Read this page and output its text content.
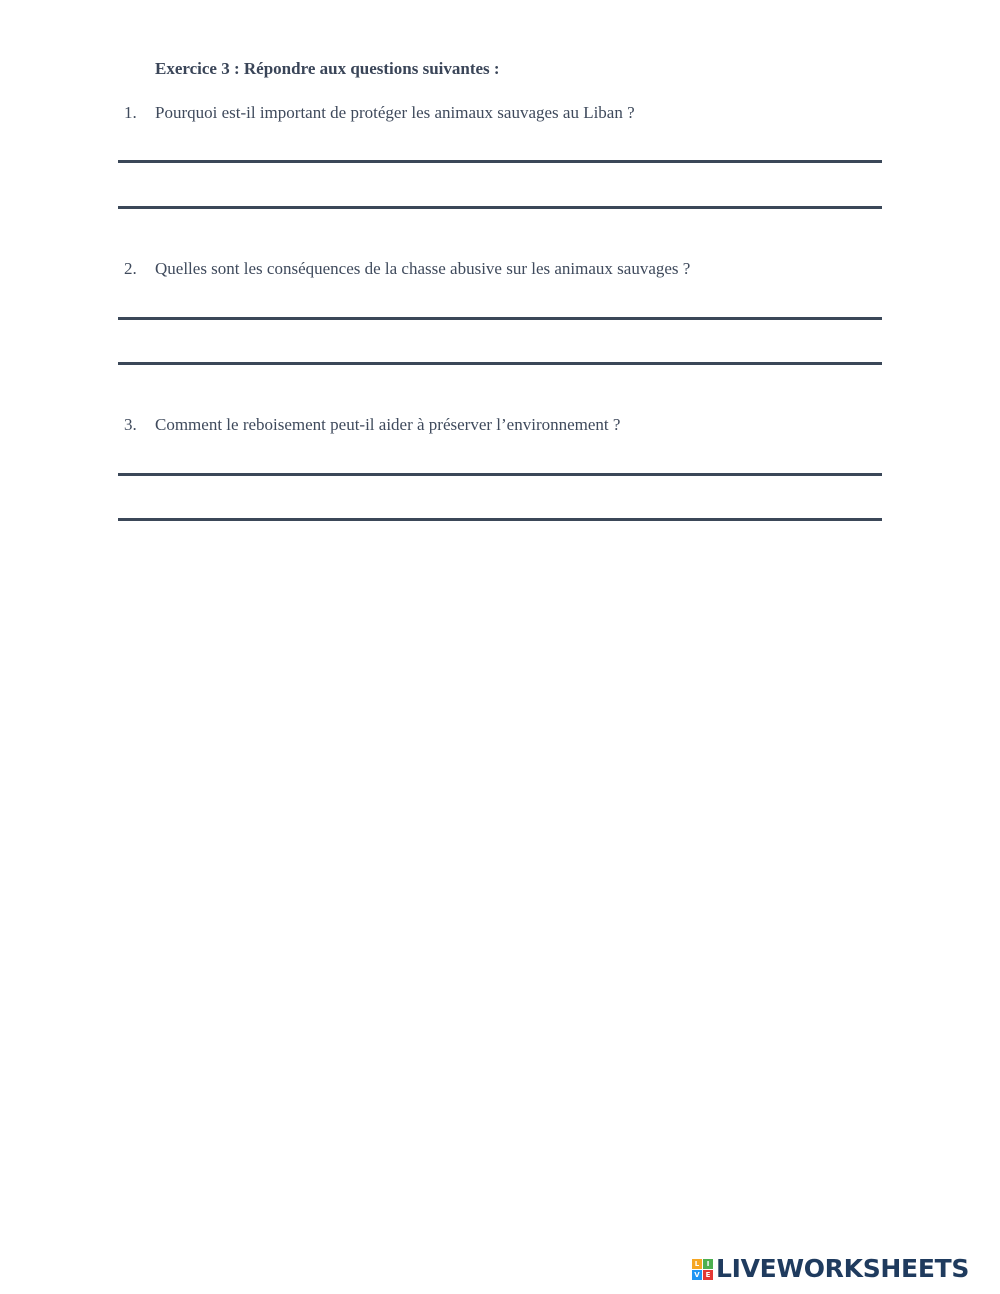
Exercice 3 : Répondre aux questions suivantes :
1. Pourquoi est-il important de protéger les animaux sauvages au Liban ?
2. Quelles sont les conséquences de la chasse abusive sur les animaux sauvages ?
3. Comment le reboisement peut-il aider à préserver l’environnement ?
L	I
V E LIVEWORKSHEETS
